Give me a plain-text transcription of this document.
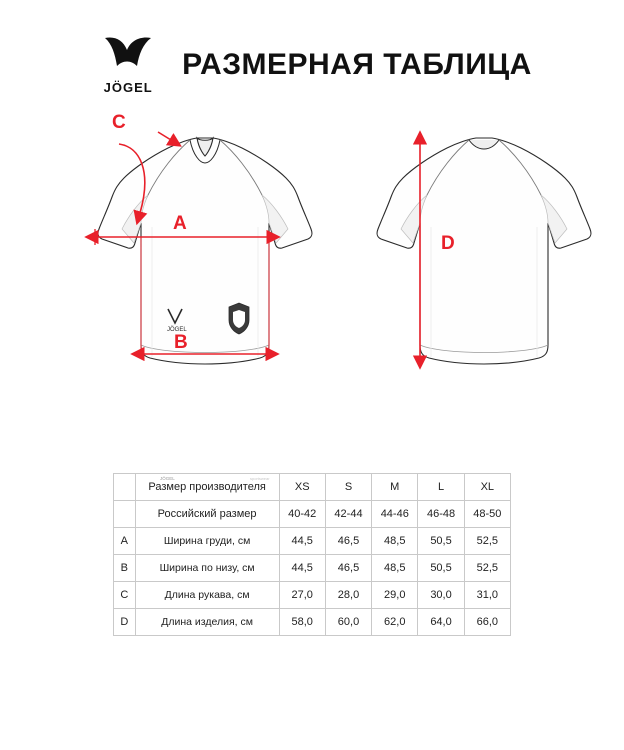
JÖGEL
РАЗМЕРНАЯ ТАБЛИЦА
JÖGEL
JÖGEL	sportswear
C
A
B
D
	Размер производителя	XS	S	M	L	XL
	Российский размер	40-42	42-44	44-46	46-48	48-50
A	Ширина груди, см	44,5	46,5	48,5	50,5	52,5
B	Ширина по низу, см	44,5	46,5	48,5	50,5	52,5
C	Длина рукава, см	27,0	28,0	29,0	30,0	31,0
D	Длина изделия, см	58,0	60,0	62,0	64,0	66,0
